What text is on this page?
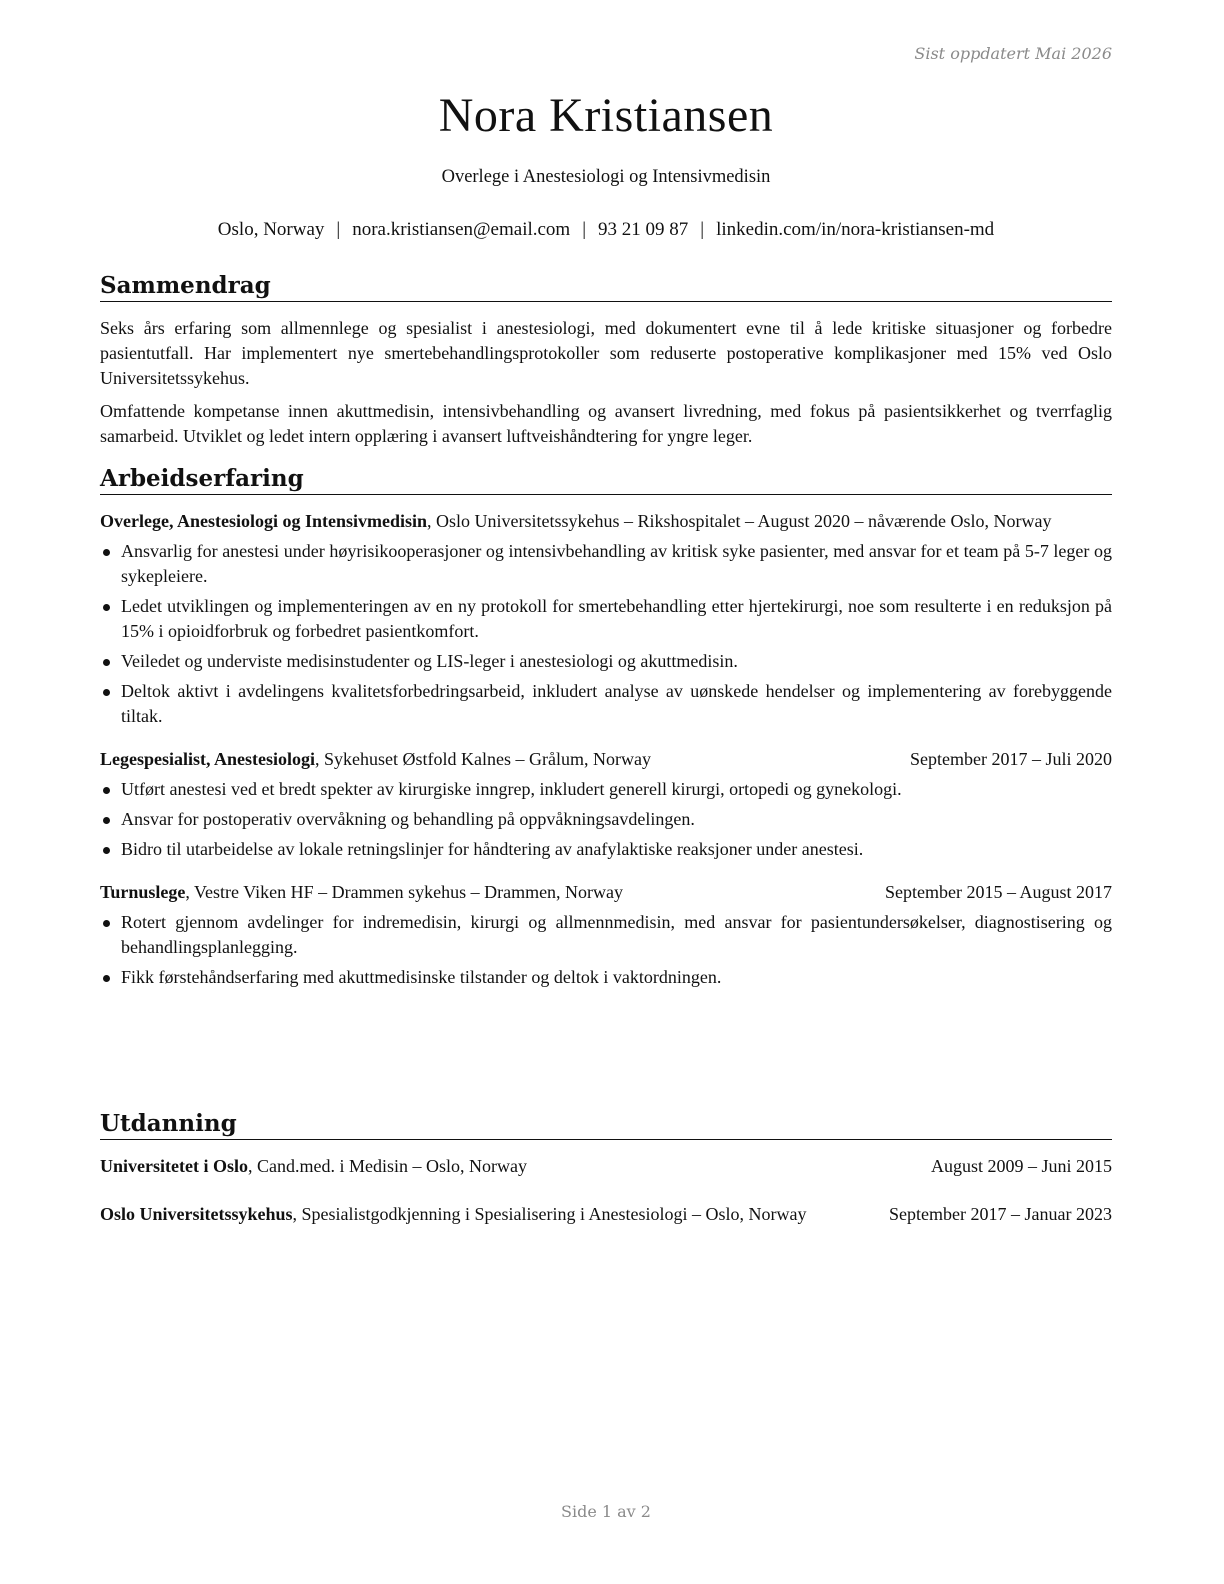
Sist oppdatert Mai 2026
Nora Kristiansen
Overlege i Anestesiologi og Intensivmedisin
Oslo, Norway | nora.kristiansen@email.com | 93 21 09 87 | linkedin.com/in/nora-kristiansen-md
Sammendrag

Seks års erfaring som allmennlege og spesialist i anestesiologi, med dokumentert evne til å lede kritiske situasjoner og forbedre pasientutfall. Har implementert nye smertebehandlingsprotokoller som reduserte postoperative komplikasjoner med 15% ved Oslo Universitetssykehus.

Omfattende kompetanse innen akuttmedisin, intensivbehandling og avansert livredning, med fokus på pasientsikkerhet og tverrfaglig samarbeid. Utviklet og ledet intern opplæring i avansert luftveishåndtering for yngre leger.

Arbeidserfaring
Overlege, Anestesiologi og Intensivmedisin, Oslo Universitetssykehus – Rikshospitalet – August 2020 – nåværende Oslo, Norway
Ansvarlig for anestesi under høyrisikooperasjoner og intensivbehandling av kritisk syke pasienter, med ansvar for et team på 5-7 leger og sykepleiere.
Ledet utviklingen og implementeringen av en ny protokoll for smertebehandling etter hjertekirurgi, noe som resulterte i en reduksjon på 15% i opioidforbruk og forbedret pasientkomfort.
Veiledet og underviste medisinstudenter og LIS-leger i anestesiologi og akuttmedisin.
Deltok aktivt i avdelingens kvalitetsforbedringsarbeid, inkludert analyse av uønskede hendelser og implementering av forebyggende tiltak.
Legespesialist, Anestesiologi, Sykehuset Østfold Kalnes – Grålum, Norway	September 2017 – Juli 2020
Utført anestesi ved et bredt spekter av kirurgiske inngrep, inkludert generell kirurgi, ortopedi og gynekologi.
Ansvar for postoperativ overvåkning og behandling på oppvåkningsavdelingen.
Bidro til utarbeidelse av lokale retningslinjer for håndtering av anafylaktiske reaksjoner under anestesi.
Turnuslege, Vestre Viken HF – Drammen sykehus – Drammen, Norway	September 2015 – August 2017
Rotert gjennom avdelinger for indremedisin, kirurgi og allmennmedisin, med ansvar for pasientundersøkelser, diagnostisering og behandlingsplanlegging.
Fikk førstehåndserfaring med akuttmedisinske tilstander og deltok i vaktordningen.
Utdanning
Universitetet i Oslo, Cand.med. i Medisin – Oslo, Norway	August 2009 – Juni 2015
Oslo Universitetssykehus, Spesialistgodkjenning i Spesialisering i Anestesiologi – Oslo, Norway	September 2017 – Januar 2023
Side 1 av 2
